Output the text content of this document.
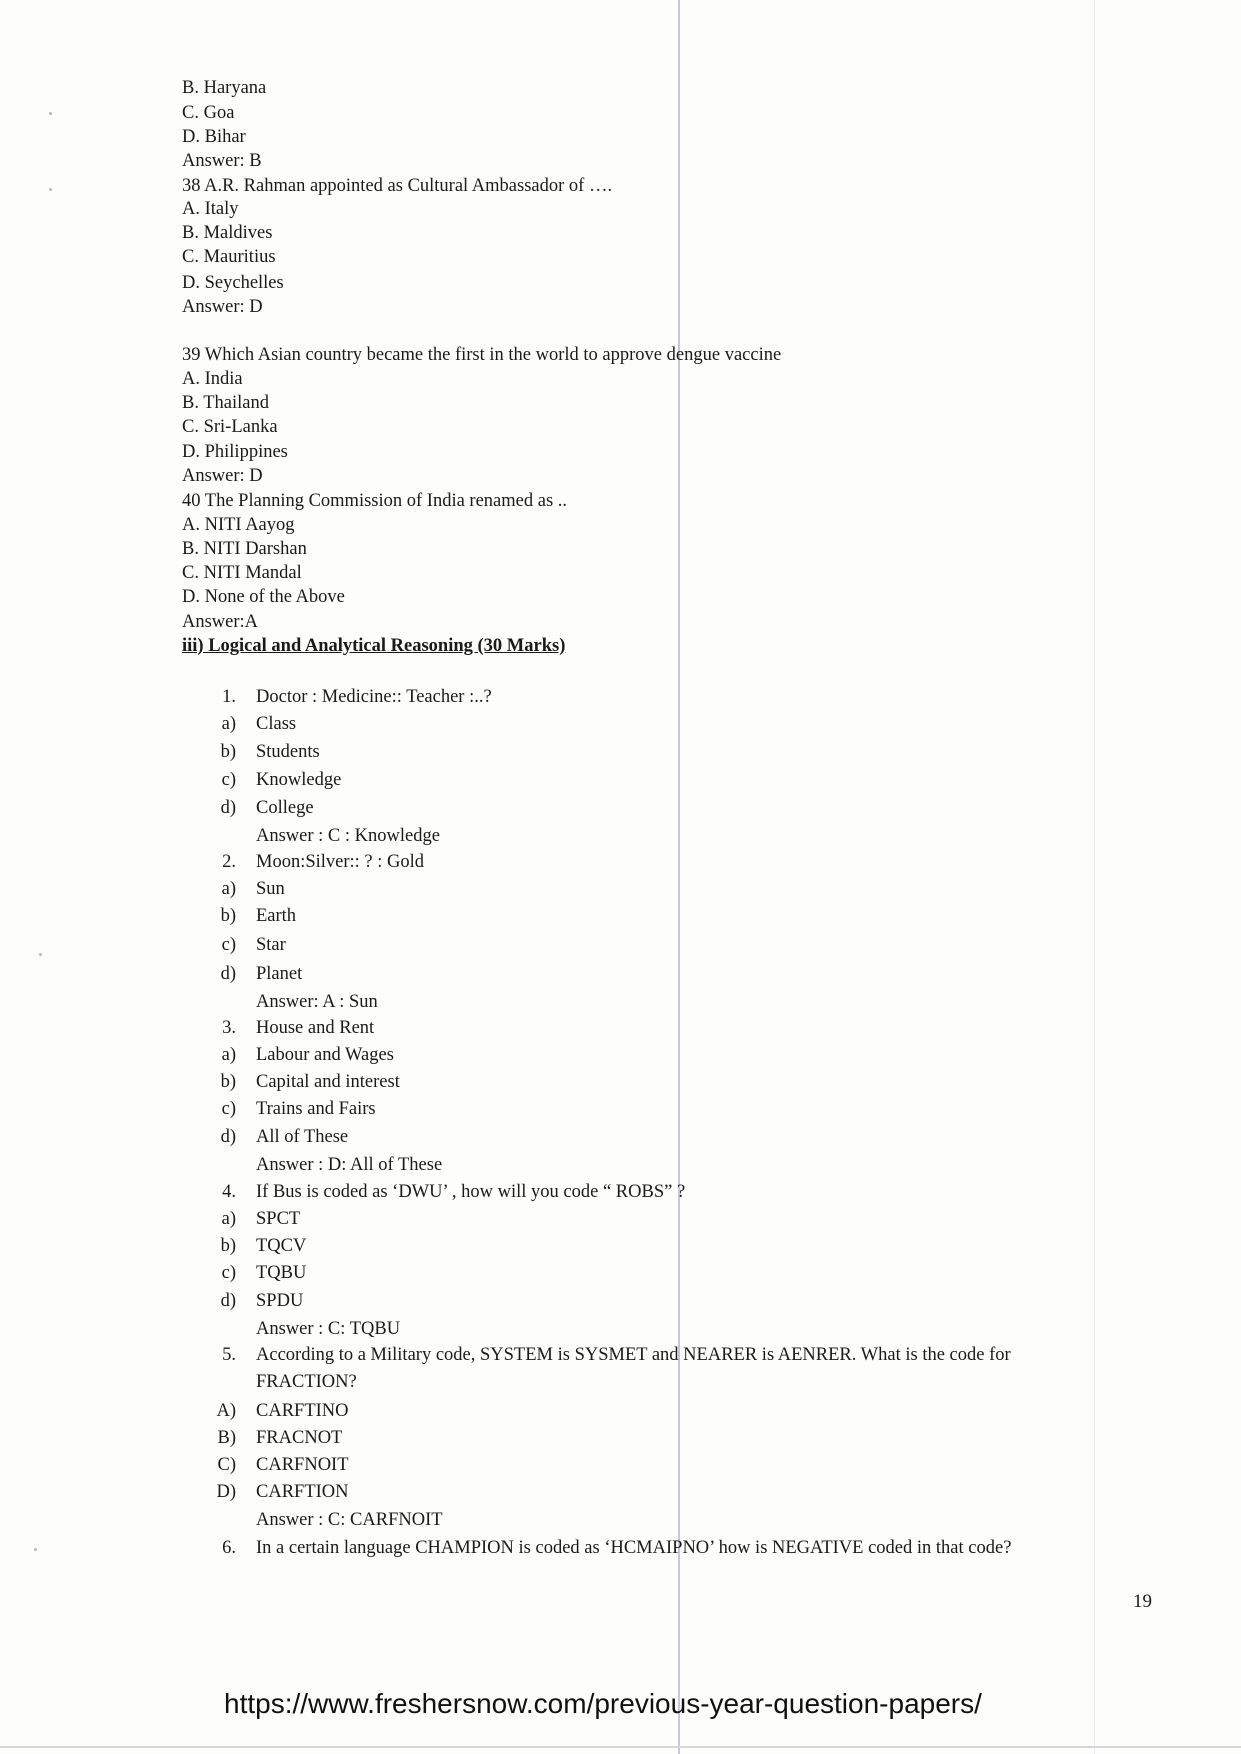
B. Haryana
C. Goa
D. Bihar
Answer: B
38 A.R. Rahman appointed as Cultural Ambassador of ….
A. Italy
B. Maldives
C. Mauritius
D. Seychelles
Answer: D
39 Which Asian country became the first in the world to approve dengue vaccine
A. India
B. Thailand
C. Sri-Lanka
D. Philippines
Answer: D
40 The Planning Commission of India renamed as ..
A. NITI Aayog
B. NITI Darshan
C. NITI Mandal
D. None of the Above
Answer:A
iii) Logical and Analytical Reasoning (30 Marks)
1. Doctor : Medicine:: Teacher :..?
a) Class
b) Students
c) Knowledge
d) College
Answer : C : Knowledge
2. Moon:Silver:: ? : Gold
a) Sun
b) Earth
c) Star
d) Planet
Answer: A : Sun
3. House and Rent
a) Labour and Wages
b) Capital and interest
c) Trains and Fairs
d) All of These
Answer : D: All of These
4. If Bus is coded as ‘DWU’ , how will you code “ ROBS” ?
a) SPCT
b) TQCV
c) TQBU
d) SPDU
Answer : C: TQBU
5. According to a Military code, SYSTEM is SYSMET and NEARER is AENRER. What is the code for
FRACTION?
A) CARFTINO
B) FRACNOT
C) CARFNOIT
D) CARFTION
Answer : C: CARFNOIT
6. In a certain language CHAMPION is coded as ‘HCMAIPNO’ how is NEGATIVE coded in that code?
19
https://www.freshersnow.com/previous-year-question-papers/
